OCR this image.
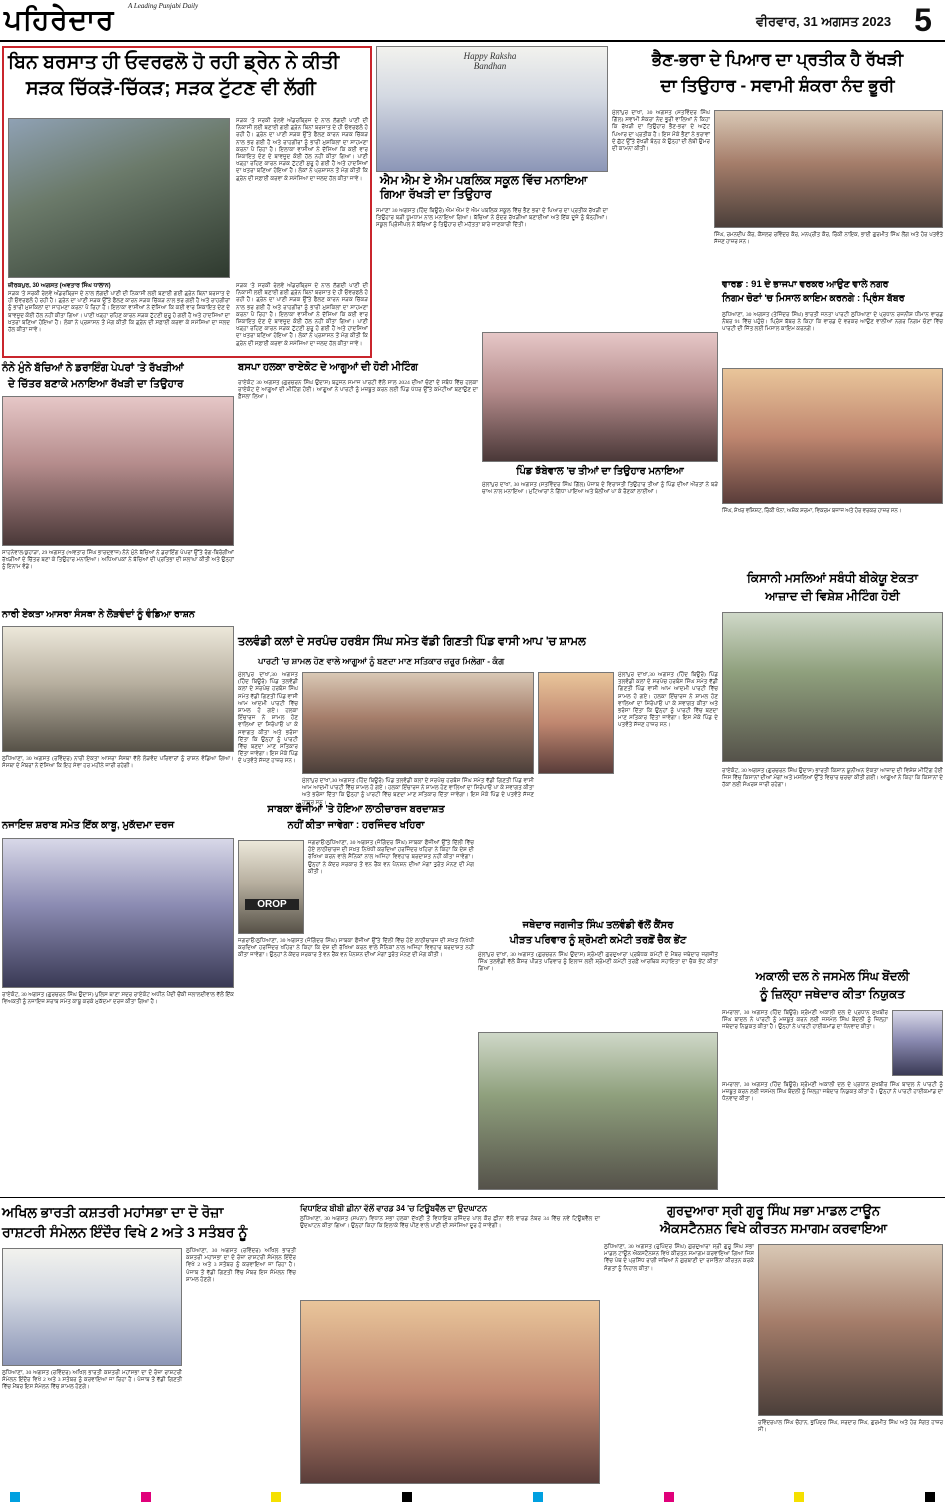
ਪਹਿਰੇਦਾਰ A Leading Punjabi Daily
ਵੀਰਵਾਰ, 31 ਅਗਸਤ 2023 5
ਬਿਨ ਬਰਸਾਤ ਹੀ ਓਵਰਫਲੋ ਹੋ ਰਹੀ ਡ੍ਰੇਨ ਨੇ ਕੀਤੀ
ਸੜਕ ਚਿੱਕੜੋ-ਚਿੱਕੜ; ਸੜਕ ਟੁੱਟਣ ਵੀ ਲੱਗੀ
ਸੜਕ 'ਤੇ ਸਰਕੀ ਰੇਲਵੇ ਅੰਡਰਬ੍ਰਿਜ ਦੇ ਨਾਲ ਲੱਗਦੀ ਪਾਣੀ ਦੀ ਨਿਕਾਸੀ ਲਈ ਬਣਾਈ ਗਈ ਡ੍ਰੇਨ ਬਿਨਾਂ ਬਰਸਾਤ ਦੇ ਹੀ ਓਵਰਫਲੋ ਹੋ ਰਹੀ ਹੈ। ਡ੍ਰੇਨ ਦਾ ਪਾਣੀ ਸੜਕ ਉੱਤੇ ਫੈਲਣ ਕਾਰਨ ਸੜਕ ਚਿੱਕੜ ਨਾਲ ਭਰ ਗਈ ਹੈ ਅਤੇ ਰਾਹਗੀਰਾਂ ਨੂੰ ਭਾਰੀ ਮੁਸ਼ਕਿਲਾਂ ਦਾ ਸਾਹਮਣਾ ਕਰਨਾ ਪੈ ਰਿਹਾ ਹੈ। ਇਲਾਕਾ ਵਾਸੀਆਂ ਨੇ ਦੱਸਿਆ ਕਿ ਕਈ ਵਾਰ ਸ਼ਿਕਾਇਤ ਦੇਣ ਦੇ ਬਾਵਜੂਦ ਕੋਈ ਹੱਲ ਨਹੀਂ ਕੀਤਾ ਗਿਆ। ਪਾਣੀ ਖੜ੍ਹਾ ਰਹਿਣ ਕਾਰਨ ਸੜਕ ਟੁੱਟਣੀ ਸ਼ੁਰੂ ਹੋ ਗਈ ਹੈ ਅਤੇ ਹਾਦਸਿਆਂ ਦਾ ਖ਼ਤਰਾ ਬਣਿਆ ਹੋਇਆ ਹੈ। ਲੋਕਾਂ ਨੇ ਪ੍ਰਸ਼ਾਸਨ ਤੋਂ ਮੰਗ ਕੀਤੀ ਕਿ ਡ੍ਰੇਨ ਦੀ ਸਫ਼ਾਈ ਕਰਵਾ ਕੇ ਸਮੱਸਿਆ ਦਾ ਜਲਦ ਹੱਲ ਕੀਤਾ ਜਾਵੇ।
ਜ਼ੀਰਕਪੁਰ, 30 ਅਗਸਤ (ਅਵਤਾਰ ਸਿੰਘ ਧਾਲਾਨ)
ਸੜਕ 'ਤੇ ਸਰਕੀ ਰੇਲਵੇ ਅੰਡਰਬ੍ਰਿਜ ਦੇ ਨਾਲ ਲੱਗਦੀ ਪਾਣੀ ਦੀ ਨਿਕਾਸੀ ਲਈ ਬਣਾਈ ਗਈ ਡ੍ਰੇਨ ਬਿਨਾਂ ਬਰਸਾਤ ਦੇ ਹੀ ਓਵਰਫਲੋ ਹੋ ਰਹੀ ਹੈ। ਡ੍ਰੇਨ ਦਾ ਪਾਣੀ ਸੜਕ ਉੱਤੇ ਫੈਲਣ ਕਾਰਨ ਸੜਕ ਚਿੱਕੜ ਨਾਲ ਭਰ ਗਈ ਹੈ ਅਤੇ ਰਾਹਗੀਰਾਂ ਨੂੰ ਭਾਰੀ ਮੁਸ਼ਕਿਲਾਂ ਦਾ ਸਾਹਮਣਾ ਕਰਨਾ ਪੈ ਰਿਹਾ ਹੈ। ਇਲਾਕਾ ਵਾਸੀਆਂ ਨੇ ਦੱਸਿਆ ਕਿ ਕਈ ਵਾਰ ਸ਼ਿਕਾਇਤ ਦੇਣ ਦੇ ਬਾਵਜੂਦ ਕੋਈ ਹੱਲ ਨਹੀਂ ਕੀਤਾ ਗਿਆ। ਪਾਣੀ ਖੜ੍ਹਾ ਰਹਿਣ ਕਾਰਨ ਸੜਕ ਟੁੱਟਣੀ ਸ਼ੁਰੂ ਹੋ ਗਈ ਹੈ ਅਤੇ ਹਾਦਸਿਆਂ ਦਾ ਖ਼ਤਰਾ ਬਣਿਆ ਹੋਇਆ ਹੈ। ਲੋਕਾਂ ਨੇ ਪ੍ਰਸ਼ਾਸਨ ਤੋਂ ਮੰਗ ਕੀਤੀ ਕਿ ਡ੍ਰੇਨ ਦੀ ਸਫ਼ਾਈ ਕਰਵਾ ਕੇ ਸਮੱਸਿਆ ਦਾ ਜਲਦ ਹੱਲ ਕੀਤਾ ਜਾਵੇ।
ਸੜਕ 'ਤੇ ਸਰਕੀ ਰੇਲਵੇ ਅੰਡਰਬ੍ਰਿਜ ਦੇ ਨਾਲ ਲੱਗਦੀ ਪਾਣੀ ਦੀ ਨਿਕਾਸੀ ਲਈ ਬਣਾਈ ਗਈ ਡ੍ਰੇਨ ਬਿਨਾਂ ਬਰਸਾਤ ਦੇ ਹੀ ਓਵਰਫਲੋ ਹੋ ਰਹੀ ਹੈ। ਡ੍ਰੇਨ ਦਾ ਪਾਣੀ ਸੜਕ ਉੱਤੇ ਫੈਲਣ ਕਾਰਨ ਸੜਕ ਚਿੱਕੜ ਨਾਲ ਭਰ ਗਈ ਹੈ ਅਤੇ ਰਾਹਗੀਰਾਂ ਨੂੰ ਭਾਰੀ ਮੁਸ਼ਕਿਲਾਂ ਦਾ ਸਾਹਮਣਾ ਕਰਨਾ ਪੈ ਰਿਹਾ ਹੈ। ਇਲਾਕਾ ਵਾਸੀਆਂ ਨੇ ਦੱਸਿਆ ਕਿ ਕਈ ਵਾਰ ਸ਼ਿਕਾਇਤ ਦੇਣ ਦੇ ਬਾਵਜੂਦ ਕੋਈ ਹੱਲ ਨਹੀਂ ਕੀਤਾ ਗਿਆ। ਪਾਣੀ ਖੜ੍ਹਾ ਰਹਿਣ ਕਾਰਨ ਸੜਕ ਟੁੱਟਣੀ ਸ਼ੁਰੂ ਹੋ ਗਈ ਹੈ ਅਤੇ ਹਾਦਸਿਆਂ ਦਾ ਖ਼ਤਰਾ ਬਣਿਆ ਹੋਇਆ ਹੈ। ਲੋਕਾਂ ਨੇ ਪ੍ਰਸ਼ਾਸਨ ਤੋਂ ਮੰਗ ਕੀਤੀ ਕਿ ਡ੍ਰੇਨ ਦੀ ਸਫ਼ਾਈ ਕਰਵਾ ਕੇ ਸਮੱਸਿਆ ਦਾ ਜਲਦ ਹੱਲ ਕੀਤਾ ਜਾਵੇ।
Happy Raksha Bandhan
ਐਮ ਐਮ ਏ ਐਮ ਪਬਲਿਕ ਸਕੂਲ ਵਿੱਚ ਮਨਾਇਆ ਗਿਆ ਰੱਖੜੀ ਦਾ ਤਿਉਹਾਰ
ਸਮਾਣਾ 30 ਅਗਸਤ (ਹਿੰਦ ਬਿਊਰੋ) ਐਮ ਐਮ ਏ ਐਮ ਪਬਲਿਕ ਸਕੂਲ ਵਿੱਚ ਭੈਣ ਭਰਾ ਦੇ ਪਿਆਰ ਦਾ ਪ੍ਰਤੀਕ ਰੱਖੜੀ ਦਾ ਤਿਉਹਾਰ ਬੜੀ ਧੂਮਧਾਮ ਨਾਲ ਮਨਾਇਆ ਗਿਆ। ਬੱਚਿਆਂ ਨੇ ਸੁੰਦਰ ਰੱਖੜੀਆਂ ਬਣਾਈਆਂ ਅਤੇ ਇੱਕ ਦੂਜੇ ਨੂੰ ਬੰਨ੍ਹੀਆਂ। ਸਕੂਲ ਪ੍ਰਿੰਸੀਪਲ ਨੇ ਬੱਚਿਆਂ ਨੂੰ ਤਿਉਹਾਰ ਦੀ ਮਹੱਤਤਾ ਬਾਰੇ ਜਾਣਕਾਰੀ ਦਿੱਤੀ।
ਭੈਣ-ਭਰਾ ਦੇ ਪਿਆਰ ਦਾ ਪ੍ਰਤੀਕ ਹੈ ਰੱਖੜੀ
ਦਾ ਤਿਉਹਾਰ - ਸਵਾਮੀ ਸ਼ੰਕਰਾ ਨੰਦ ਭੂਰੀ
ਮੁੱਲਾਂਪੁਰ ਦਾਖਾ, 30 ਅਗਸਤ (ਸਤਵਿੰਦਰ ਸਿੰਘ ਗਿੱਲ) ਸਵਾਮੀ ਸ਼ੰਕਰਾ ਨੰਦ ਭੂਰੀ ਵਾਲਿਆਂ ਨੇ ਕਿਹਾ ਕਿ ਰੱਖੜੀ ਦਾ ਤਿਉਹਾਰ ਭੈਣ-ਭਰਾ ਦੇ ਅਟੁੱਟ ਪਿਆਰ ਦਾ ਪ੍ਰਤੀਕ ਹੈ। ਇਸ ਮੌਕੇ ਭੈਣਾਂ ਨੇ ਭਰਾਵਾਂ ਦੇ ਗੁੱਟ ਉੱਤੇ ਰੱਖੜੀ ਬੰਨ੍ਹ ਕੇ ਉਨ੍ਹਾਂ ਦੀ ਲੰਬੀ ਉਮਰ ਦੀ ਕਾਮਨਾ ਕੀਤੀ।
ਸਿੰਘ, ਰਮਨਦੀਪ ਕੌਰ, ਕੌਂਸਲਰ ਰਵਿੰਦਰ ਕੌਰ, ਮਨਪ੍ਰੀਤ ਕੌਰ, ਰਿੰਕੀ ਨਾਇਕ, ਭਾਈ ਗੁਰਮੀਤ ਸਿੰਘ ਲੌਂਗ ਅਤੇ ਹੋਰ ਪਤਵੰਤੇ ਸੱਜਣ ਹਾਜ਼ਰ ਸਨ।
ਵਾਰਡ : 91 ਦੇ ਭਾਜਪਾ ਵਰਕਰ ਆਉਣ ਵਾਲੇ ਨਗਰ
ਨਿਗਮ ਚੋਣਾਂ 'ਚ ਮਿਸਾਲ ਕਾਇਮ ਕਰਨਗੇ : ਪ੍ਰਿੰਸ ਬੱਬਰ
ਲੁਧਿਆਣਾ, 30 ਅਗਸਤ (ਤੇਜਿੰਦਰ ਸਿੰਘ) ਭਾਰਤੀ ਜਨਤਾ ਪਾਰਟੀ ਲੁਧਿਆਣਾ ਦੇ ਪ੍ਰਧਾਨ ਰਜਨੀਸ਼ ਧੀਮਾਨ ਵਾਰਡ ਨੰਬਰ 91 ਵਿੱਚ ਪਹੁੰਚੇ। ਪ੍ਰਿੰਸ ਬੱਬਰ ਨੇ ਕਿਹਾ ਕਿ ਵਾਰਡ ਦੇ ਵਰਕਰ ਆਉਣ ਵਾਲੀਆਂ ਨਗਰ ਨਿਗਮ ਚੋਣਾਂ ਵਿੱਚ ਪਾਰਟੀ ਦੀ ਜਿੱਤ ਲਈ ਮਿਸਾਲ ਕਾਇਮ ਕਰਨਗੇ।
ਸਿੰਘ, ਸ਼ੇਖਰ ਵਸ਼ਿਸ਼ਟ, ਰਿੰਕੀ ਖੰਨਾ, ਅਸ਼ੋਕ ਸ਼ਰਮਾ, ਵਿਕਰਮ ਬਜਾਜ ਅਤੇ ਹੋਰ ਵਰਕਰ ਹਾਜ਼ਰ ਸਨ।
ਕਿਸਾਨੀ ਮਸਲਿਆਂ ਸਬੰਧੀ ਬੀਕੇਯੂ ਏਕਤਾ
ਆਜ਼ਾਦ ਦੀ ਵਿਸ਼ੇਸ਼ ਮੀਟਿੰਗ ਹੋਈ
ਰਾਏਕੋਟ, 30 ਅਗਸਤ (ਗੁਰਚਰਨ ਸਿੰਘ ਉਦਾਸ) ਭਾਰਤੀ ਕਿਸਾਨ ਯੂਨੀਅਨ ਏਕਤਾ ਆਜ਼ਾਦ ਦੀ ਵਿਸ਼ੇਸ਼ ਮੀਟਿੰਗ ਹੋਈ ਜਿਸ ਵਿੱਚ ਕਿਸਾਨਾਂ ਦੀਆਂ ਮੰਗਾਂ ਅਤੇ ਮਸਲਿਆਂ ਉੱਤੇ ਵਿਚਾਰ ਚਰਚਾ ਕੀਤੀ ਗਈ। ਆਗੂਆਂ ਨੇ ਕਿਹਾ ਕਿ ਕਿਸਾਨਾਂ ਦੇ ਹੱਕਾਂ ਲਈ ਸੰਘਰਸ਼ ਜਾਰੀ ਰਹੇਗਾ।
ਅਕਾਲੀ ਦਲ ਨੇ ਜਸਮੇਲ ਸਿੰਘ ਬੋਂਦਲੀ
ਨੂੰ ਜ਼ਿਲ੍ਹਾ ਜਥੇਦਾਰ ਕੀਤਾ ਨਿਯੁਕਤ
ਸਮਰਾਲਾ, 30 ਅਗਸਤ (ਹਿੰਦ ਬਿਊਰੋ) ਸ਼੍ਰੋਮਣੀ ਅਕਾਲੀ ਦਲ ਦੇ ਪ੍ਰਧਾਨ ਸੁਖਬੀਰ ਸਿੰਘ ਬਾਦਲ ਨੇ ਪਾਰਟੀ ਨੂੰ ਮਜ਼ਬੂਤ ਕਰਨ ਲਈ ਜਸਮੇਲ ਸਿੰਘ ਬੋਂਦਲੀ ਨੂੰ ਜ਼ਿਲ੍ਹਾ ਜਥੇਦਾਰ ਨਿਯੁਕਤ ਕੀਤਾ ਹੈ। ਉਨ੍ਹਾਂ ਨੇ ਪਾਰਟੀ ਹਾਈਕਮਾਂਡ ਦਾ ਧੰਨਵਾਦ ਕੀਤਾ।
ਸਮਰਾਲਾ, 30 ਅਗਸਤ (ਹਿੰਦ ਬਿਊਰੋ) ਸ਼੍ਰੋਮਣੀ ਅਕਾਲੀ ਦਲ ਦੇ ਪ੍ਰਧਾਨ ਸੁਖਬੀਰ ਸਿੰਘ ਬਾਦਲ ਨੇ ਪਾਰਟੀ ਨੂੰ ਮਜ਼ਬੂਤ ਕਰਨ ਲਈ ਜਸਮੇਲ ਸਿੰਘ ਬੋਂਦਲੀ ਨੂੰ ਜ਼ਿਲ੍ਹਾ ਜਥੇਦਾਰ ਨਿਯੁਕਤ ਕੀਤਾ ਹੈ। ਉਨ੍ਹਾਂ ਨੇ ਪਾਰਟੀ ਹਾਈਕਮਾਂਡ ਦਾ ਧੰਨਵਾਦ ਕੀਤਾ।
ਨੰਨੇ ਮੁੰਨੇ ਬੱਚਿਆਂ ਨੇ ਡਰਾਇੰਗ ਪੇਪਰਾਂ 'ਤੇ ਰੱਖੜੀਆਂ
ਦੇ ਚਿੱਤਰ ਬਣਾਕੇ ਮਨਾਇਆ ਰੱਖੜੀ ਦਾ ਤਿਉਹਾਰ
ਸਾਹਨੇਵਾਲ/ਕੁਹਾੜਾ, 29 ਅਗਸਤ (ਅਵਤਾਰ ਸਿੰਘ ਭਾਰਦ੍ਵਾਜ) ਨੰਨੇ ਮੁੰਨੇ ਬੱਚਿਆਂ ਨੇ ਡਰਾਇੰਗ ਪੇਪਰਾਂ ਉੱਤੇ ਰੰਗ-ਬਿਰੰਗੀਆਂ ਰੱਖੜੀਆਂ ਦੇ ਚਿੱਤਰ ਬਣਾ ਕੇ ਤਿਉਹਾਰ ਮਨਾਇਆ। ਅਧਿਆਪਕਾਂ ਨੇ ਬੱਚਿਆਂ ਦੀ ਪ੍ਰਤਿਭਾ ਦੀ ਸ਼ਲਾਘਾ ਕੀਤੀ ਅਤੇ ਉਨ੍ਹਾਂ ਨੂੰ ਇਨਾਮ ਵੰਡੇ।
ਨਾਰੀ ਏਕਤਾ ਆਸਰਾ ਸੰਸਥਾ ਨੇ ਲੋੜਵੰਦਾਂ ਨੂੰ ਵੰਡਿਆ ਰਾਸ਼ਨ
ਲੁਧਿਆਣਾ, 30 ਅਗਸਤ (ਰਵਿੰਦਰ) ਨਾਰੀ ਏਕਤਾ ਆਸਰਾ ਸੰਸਥਾ ਵੱਲੋਂ ਲੋੜਵੰਦ ਪਰਿਵਾਰਾਂ ਨੂੰ ਰਾਸ਼ਨ ਵੰਡਿਆ ਗਿਆ। ਸੰਸਥਾ ਦੇ ਮੈਂਬਰਾਂ ਨੇ ਦੱਸਿਆ ਕਿ ਇਹ ਸੇਵਾ ਹਰ ਮਹੀਨੇ ਜਾਰੀ ਰਹੇਗੀ।
ਨਜਾਇਜ਼ ਸ਼ਰਾਬ ਸਮੇਤ ਇੱਕ ਕਾਬੂ, ਮੁਕੱਦਮਾ ਦਰਜ
ਰਾਏਕੋਟ, 30 ਅਗਸਤ (ਗੁਰਚਰਨ ਸਿੰਘ ਉਦਾਸ) ਪੁਲਿਸ ਥਾਣਾ ਸਦਰ ਰਾਏਕੋਟ ਅਧੀਨ ਪੈਂਦੀ ਚੌਂਕੀ ਜਲਾਲਦੀਵਾਲ ਵੱਲੋਂ ਇੱਕ ਵਿਅਕਤੀ ਨੂੰ ਨਜਾਇਜ਼ ਸ਼ਰਾਬ ਸਮੇਤ ਕਾਬੂ ਕਰਕੇ ਮੁਕੱਦਮਾ ਦਰਜ ਕੀਤਾ ਗਿਆ ਹੈ।
ਬਸਪਾ ਹਲਕਾ ਰਾਏਕੋਟ ਦੇ ਆਗੂਆਂ ਦੀ ਹੋਈ ਮੀਟਿੰਗ
ਰਾਏਕੋਟ 30 ਅਗਸਤ (ਗੁਰਚਰਨ ਸਿੰਘ ਉਦਾਸ) ਬਹੁਜਨ ਸਮਾਜ ਪਾਰਟੀ ਵੱਲੋਂ ਸਾਲ 2024 ਦੀਆਂ ਚੋਣਾਂ ਦੇ ਸਬੰਧ ਵਿੱਚ ਹਲਕਾ ਰਾਏਕੋਟ ਦੇ ਆਗੂਆਂ ਦੀ ਮੀਟਿੰਗ ਹੋਈ। ਆਗੂਆਂ ਨੇ ਪਾਰਟੀ ਨੂੰ ਮਜ਼ਬੂਤ ਕਰਨ ਲਈ ਪਿੰਡ ਪੱਧਰ ਉੱਤੇ ਕਮੇਟੀਆਂ ਬਣਾਉਣ ਦਾ ਫ਼ੈਸਲਾ ਲਿਆ।
ਪਿੰਡ ਝੱਬੇਵਾਲ 'ਚ ਤੀਆਂ ਦਾ ਤਿਉਹਾਰ ਮਨਾਇਆ
ਮੁੱਲਾਂਪੁਰ ਦਾਖਾ, 30 ਅਗਸਤ (ਸਤਵਿੰਦਰ ਸਿੰਘ ਗਿੱਲ) ਪੰਜਾਬ ਦੇ ਵਿਰਾਸਤੀ ਤਿਉਹਾਰ ਤੀਆਂ ਨੂੰ ਪਿੰਡ ਦੀਆਂ ਔਰਤਾਂ ਨੇ ਬੜੇ ਚਾਅ ਨਾਲ ਮਨਾਇਆ। ਮੁਟਿਆਰਾਂ ਨੇ ਗਿੱਧਾ ਪਾਇਆ ਅਤੇ ਬੋਲੀਆਂ ਪਾ ਕੇ ਰੌਣਕਾਂ ਲਾਈਆਂ।
ਤਲਵੰਡੀ ਕਲਾਂ ਦੇ ਸਰਪੰਚ ਹਰਬੰਸ ਸਿੰਘ ਸਮੇਤ ਵੱਡੀ ਗਿਣਤੀ ਪਿੰਡ ਵਾਸੀ ਆਪ 'ਚ ਸ਼ਾਮਲ
ਪਾਰਟੀ 'ਚ ਸ਼ਾਮਲ ਹੋਣ ਵਾਲੇ ਆਗੂਆਂ ਨੂੰ ਬਣਦਾ ਮਾਣ ਸਤਿਕਾਰ ਜ਼ਰੂਰ ਮਿਲੇਗਾ - ਕੰਗ
ਮੁੱਲਾਂਪੁਰ ਦਾਖਾ,30 ਅਗਸਤ (ਹਿੰਦ ਬਿਊਰੋ) ਪਿੰਡ ਤਲਵੰਡੀ ਕਲਾਂ ਦੇ ਸਰਪੰਚ ਹਰਬੰਸ ਸਿੰਘ ਸਮੇਤ ਵੱਡੀ ਗਿਣਤੀ ਪਿੰਡ ਵਾਸੀ ਆਮ ਆਦਮੀ ਪਾਰਟੀ ਵਿੱਚ ਸ਼ਾਮਲ ਹੋ ਗਏ। ਹਲਕਾ ਇੰਚਾਰਜ ਨੇ ਸ਼ਾਮਲ ਹੋਣ ਵਾਲਿਆਂ ਦਾ ਸਿਰੋਪਾਓ ਪਾ ਕੇ ਸਵਾਗਤ ਕੀਤਾ ਅਤੇ ਭਰੋਸਾ ਦਿੱਤਾ ਕਿ ਉਨ੍ਹਾਂ ਨੂੰ ਪਾਰਟੀ ਵਿੱਚ ਬਣਦਾ ਮਾਣ ਸਤਿਕਾਰ ਦਿੱਤਾ ਜਾਵੇਗਾ। ਇਸ ਮੌਕੇ ਪਿੰਡ ਦੇ ਪਤਵੰਤੇ ਸੱਜਣ ਹਾਜ਼ਰ ਸਨ।
ਮੁੱਲਾਂਪੁਰ ਦਾਖਾ,30 ਅਗਸਤ (ਹਿੰਦ ਬਿਊਰੋ) ਪਿੰਡ ਤਲਵੰਡੀ ਕਲਾਂ ਦੇ ਸਰਪੰਚ ਹਰਬੰਸ ਸਿੰਘ ਸਮੇਤ ਵੱਡੀ ਗਿਣਤੀ ਪਿੰਡ ਵਾਸੀ ਆਮ ਆਦਮੀ ਪਾਰਟੀ ਵਿੱਚ ਸ਼ਾਮਲ ਹੋ ਗਏ। ਹਲਕਾ ਇੰਚਾਰਜ ਨੇ ਸ਼ਾਮਲ ਹੋਣ ਵਾਲਿਆਂ ਦਾ ਸਿਰੋਪਾਓ ਪਾ ਕੇ ਸਵਾਗਤ ਕੀਤਾ ਅਤੇ ਭਰੋਸਾ ਦਿੱਤਾ ਕਿ ਉਨ੍ਹਾਂ ਨੂੰ ਪਾਰਟੀ ਵਿੱਚ ਬਣਦਾ ਮਾਣ ਸਤਿਕਾਰ ਦਿੱਤਾ ਜਾਵੇਗਾ। ਇਸ ਮੌਕੇ ਪਿੰਡ ਦੇ ਪਤਵੰਤੇ ਸੱਜਣ ਹਾਜ਼ਰ ਸਨ।
ਮੁੱਲਾਂਪੁਰ ਦਾਖਾ,30 ਅਗਸਤ (ਹਿੰਦ ਬਿਊਰੋ) ਪਿੰਡ ਤਲਵੰਡੀ ਕਲਾਂ ਦੇ ਸਰਪੰਚ ਹਰਬੰਸ ਸਿੰਘ ਸਮੇਤ ਵੱਡੀ ਗਿਣਤੀ ਪਿੰਡ ਵਾਸੀ ਆਮ ਆਦਮੀ ਪਾਰਟੀ ਵਿੱਚ ਸ਼ਾਮਲ ਹੋ ਗਏ। ਹਲਕਾ ਇੰਚਾਰਜ ਨੇ ਸ਼ਾਮਲ ਹੋਣ ਵਾਲਿਆਂ ਦਾ ਸਿਰੋਪਾਓ ਪਾ ਕੇ ਸਵਾਗਤ ਕੀਤਾ ਅਤੇ ਭਰੋਸਾ ਦਿੱਤਾ ਕਿ ਉਨ੍ਹਾਂ ਨੂੰ ਪਾਰਟੀ ਵਿੱਚ ਬਣਦਾ ਮਾਣ ਸਤਿਕਾਰ ਦਿੱਤਾ ਜਾਵੇਗਾ। ਇਸ ਮੌਕੇ ਪਿੰਡ ਦੇ ਪਤਵੰਤੇ ਸੱਜਣ ਹਾਜ਼ਰ ਸਨ।
ਸਾਬਕਾ ਫੌਜੀਆਂ 'ਤੇ ਹੋਇਆ ਲਾਠੀਚਾਰਜ ਬਰਦਾਸ਼ਤ
ਨਹੀਂ ਕੀਤਾ ਜਾਵੇਗਾ : ਹਰਜਿੰਦਰ ਖਹਿਰਾ
OROP
ਜਗਰਾਓਂ/ਲੁਧਿਆਣਾ, 30 ਅਗਸਤ (ਜੋਗਿੰਦਰ ਸਿੰਘ) ਸਾਬਕਾ ਫੌਜੀਆਂ ਉੱਤੇ ਦਿੱਲੀ ਵਿੱਚ ਹੋਏ ਲਾਠੀਚਾਰਜ ਦੀ ਸਖ਼ਤ ਨਿਖੇਧੀ ਕਰਦਿਆਂ ਹਰਜਿੰਦਰ ਖਹਿਰਾ ਨੇ ਕਿਹਾ ਕਿ ਦੇਸ਼ ਦੀ ਰੱਖਿਆ ਕਰਨ ਵਾਲੇ ਸੈਨਿਕਾਂ ਨਾਲ ਅਜਿਹਾ ਵਿਵਹਾਰ ਬਰਦਾਸ਼ਤ ਨਹੀਂ ਕੀਤਾ ਜਾਵੇਗਾ। ਉਨ੍ਹਾਂ ਨੇ ਕੇਂਦਰ ਸਰਕਾਰ ਤੋਂ ਵਨ ਰੈਂਕ ਵਨ ਪੈਨਸ਼ਨ ਦੀਆਂ ਮੰਗਾਂ ਤੁਰੰਤ ਮੰਨਣ ਦੀ ਮੰਗ ਕੀਤੀ।
ਜਗਰਾਓਂ/ਲੁਧਿਆਣਾ, 30 ਅਗਸਤ (ਜੋਗਿੰਦਰ ਸਿੰਘ) ਸਾਬਕਾ ਫੌਜੀਆਂ ਉੱਤੇ ਦਿੱਲੀ ਵਿੱਚ ਹੋਏ ਲਾਠੀਚਾਰਜ ਦੀ ਸਖ਼ਤ ਨਿਖੇਧੀ ਕਰਦਿਆਂ ਹਰਜਿੰਦਰ ਖਹਿਰਾ ਨੇ ਕਿਹਾ ਕਿ ਦੇਸ਼ ਦੀ ਰੱਖਿਆ ਕਰਨ ਵਾਲੇ ਸੈਨਿਕਾਂ ਨਾਲ ਅਜਿਹਾ ਵਿਵਹਾਰ ਬਰਦਾਸ਼ਤ ਨਹੀਂ ਕੀਤਾ ਜਾਵੇਗਾ। ਉਨ੍ਹਾਂ ਨੇ ਕੇਂਦਰ ਸਰਕਾਰ ਤੋਂ ਵਨ ਰੈਂਕ ਵਨ ਪੈਨਸ਼ਨ ਦੀਆਂ ਮੰਗਾਂ ਤੁਰੰਤ ਮੰਨਣ ਦੀ ਮੰਗ ਕੀਤੀ।
ਜਥੇਦਾਰ ਜਗਜੀਤ ਸਿੰਘ ਤਲਵੰਡੀ ਵੱਲੋਂ ਕੈਂਸਰ
ਪੀੜਤ ਪਰਿਵਾਰ ਨੂੰ ਸ਼੍ਰੋਮਣੀ ਕਮੇਟੀ ਤਰਫ਼ੋਂ ਚੈਕ ਭੇਂਟ
ਮੁੱਲਾਂਪੁਰ ਦਾਖਾ, 30 ਅਗਸਤ (ਗੁਰਚਰਨ ਸਿੰਘ ਉਦਾਸ) ਸ਼੍ਰੋਮਣੀ ਗੁਰਦੁਆਰਾ ਪ੍ਰਬੰਧਕ ਕਮੇਟੀ ਦੇ ਮੈਂਬਰ ਜਥੇਦਾਰ ਜਗਜੀਤ ਸਿੰਘ ਤਲਵੰਡੀ ਵੱਲੋਂ ਕੈਂਸਰ ਪੀੜਤ ਪਰਿਵਾਰ ਨੂੰ ਇਲਾਜ ਲਈ ਸ਼੍ਰੋਮਣੀ ਕਮੇਟੀ ਤਰਫ਼ੋਂ ਆਰਥਿਕ ਸਹਾਇਤਾ ਦਾ ਚੈਕ ਭੇਂਟ ਕੀਤਾ ਗਿਆ।
ਅਖਿਲ ਭਾਰਤੀ ਕਸ਼ਤਰੀ ਮਹਾਂਸਭਾ ਦਾ ਦੋ ਰੋਜ਼ਾ
ਰਾਸ਼ਟਰੀ ਸੰਮੇਲਨ ਇੰਦੌਰ ਵਿਖੇ 2 ਅਤੇ 3 ਸਤੰਬਰ ਨੂੰ
ਲੁਧਿਆਣਾ, 30 ਅਗਸਤ (ਰਵਿੰਦਰ) ਅਖਿਲ ਭਾਰਤੀ ਕਸ਼ਤਰੀ ਮਹਾਂਸਭਾ ਦਾ ਦੋ ਰੋਜ਼ਾ ਰਾਸ਼ਟਰੀ ਸੰਮੇਲਨ ਇੰਦੌਰ ਵਿਖੇ 2 ਅਤੇ 3 ਸਤੰਬਰ ਨੂੰ ਕਰਵਾਇਆ ਜਾ ਰਿਹਾ ਹੈ। ਪੰਜਾਬ ਤੋਂ ਵੱਡੀ ਗਿਣਤੀ ਵਿੱਚ ਮੈਂਬਰ ਇਸ ਸੰਮੇਲਨ ਵਿੱਚ ਸ਼ਾਮਲ ਹੋਣਗੇ।
ਲੁਧਿਆਣਾ, 30 ਅਗਸਤ (ਰਵਿੰਦਰ) ਅਖਿਲ ਭਾਰਤੀ ਕਸ਼ਤਰੀ ਮਹਾਂਸਭਾ ਦਾ ਦੋ ਰੋਜ਼ਾ ਰਾਸ਼ਟਰੀ ਸੰਮੇਲਨ ਇੰਦੌਰ ਵਿਖੇ 2 ਅਤੇ 3 ਸਤੰਬਰ ਨੂੰ ਕਰਵਾਇਆ ਜਾ ਰਿਹਾ ਹੈ। ਪੰਜਾਬ ਤੋਂ ਵੱਡੀ ਗਿਣਤੀ ਵਿੱਚ ਮੈਂਬਰ ਇਸ ਸੰਮੇਲਨ ਵਿੱਚ ਸ਼ਾਮਲ ਹੋਣਗੇ।
ਵਿਧਾਇਕ ਬੀਬੀ ਛੀਨਾ ਵੱਲੋਂ ਵਾਰਡ 34 'ਚ ਟਿਊਬਵੈੱਲ ਦਾ ਉਦਘਾਟਨ
ਲੁਧਿਆਣਾ, 30 ਅਗਸਤ (ਸਪਨਾ) ਵਿਧਾਨ ਸਭਾ ਹਲਕਾ ਦੱਖਣੀ ਤੋਂ ਵਿਧਾਇਕ ਰਜਿੰਦਰ ਪਾਲ ਕੌਰ ਛੀਨਾ ਵੱਲੋਂ ਵਾਰਡ ਨੰਬਰ 34 ਵਿੱਚ ਨਵੇਂ ਟਿਊਬਵੈੱਲ ਦਾ ਉਦਘਾਟਨ ਕੀਤਾ ਗਿਆ। ਉਨ੍ਹਾਂ ਕਿਹਾ ਕਿ ਇਲਾਕੇ ਵਿੱਚ ਪੀਣ ਵਾਲੇ ਪਾਣੀ ਦੀ ਸਮੱਸਿਆ ਦੂਰ ਹੋ ਜਾਵੇਗੀ।
ਗੁਰਦੁਆਰਾ ਸ੍ਰੀ ਗੁਰੂ ਸਿੰਘ ਸਭਾ ਮਾਡਲ ਟਾਊਨ
ਐਕਸਟੈਨਸ਼ਨ ਵਿਖੇ ਕੀਰਤਨ ਸਮਾਗਮ ਕਰਵਾਇਆ
ਲੁਧਿਆਣਾ, 30 ਅਗਸਤ (ਰੁਪਿੰਦਰ ਸਿੰਘ) ਗੁਰਦੁਆਰਾ ਸ੍ਰੀ ਗੁਰੂ ਸਿੰਘ ਸਭਾ ਮਾਡਲ ਟਾਊਨ ਐਕਸਟੈਨਸ਼ਨ ਵਿਖੇ ਕੀਰਤਨ ਸਮਾਗਮ ਕਰਵਾਇਆ ਗਿਆ ਜਿਸ ਵਿੱਚ ਪੰਥ ਦੇ ਪ੍ਰਸਿੱਧ ਰਾਗੀ ਜਥਿਆਂ ਨੇ ਗੁਰਬਾਣੀ ਦਾ ਰਸਭਿੰਨਾ ਕੀਰਤਨ ਕਰਕੇ ਸੰਗਤਾਂ ਨੂੰ ਨਿਹਾਲ ਕੀਤਾ।
ਰਵਿੰਦਰਪਾਲ ਸਿੰਘ ਚੌਹਾਨ, ਭੁਪਿੰਦਰ ਸਿੰਘ, ਸਰਦਾਰ ਸਿੰਘ, ਗੁਰਮੀਤ ਸਿੰਘ ਅਤੇ ਹੋਰ ਸੰਗਤ ਹਾਜ਼ਰ ਸੀ।
